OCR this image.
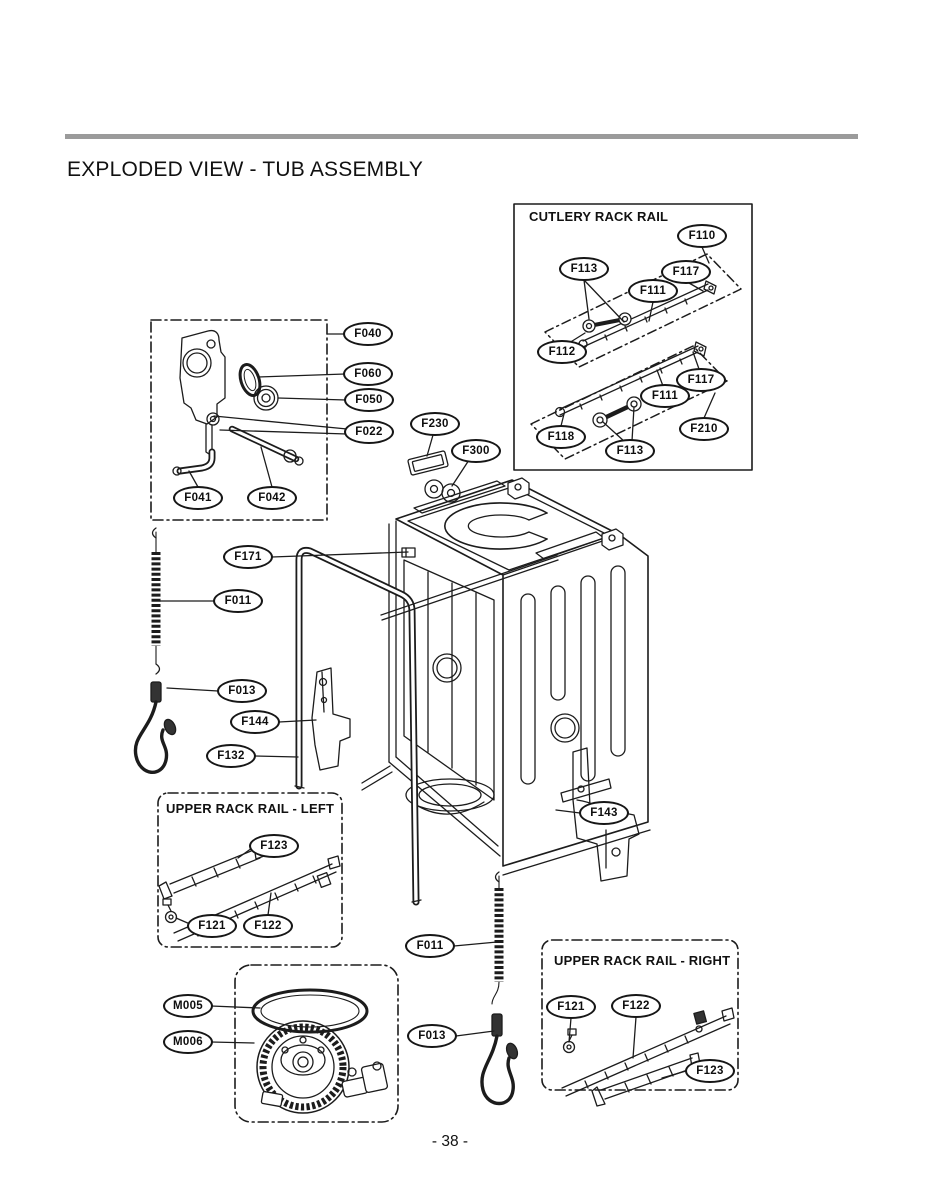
EXPLODED VIEW - TUB ASSEMBLY
CUTLERY RACK RAIL
UPPER RACK RAIL - LEFT
UPPER RACK RAIL - RIGHT
F040
F060
F050
F022
F041	F042
F230
F300
F171
F011
F013
F144
F132
F143
F011
F013
F110
F113	F117
F111
F112
F117
F111
F210
F118
F113
F123
F121	F122
F121	F122
F123
M005
M006
- 38 -
